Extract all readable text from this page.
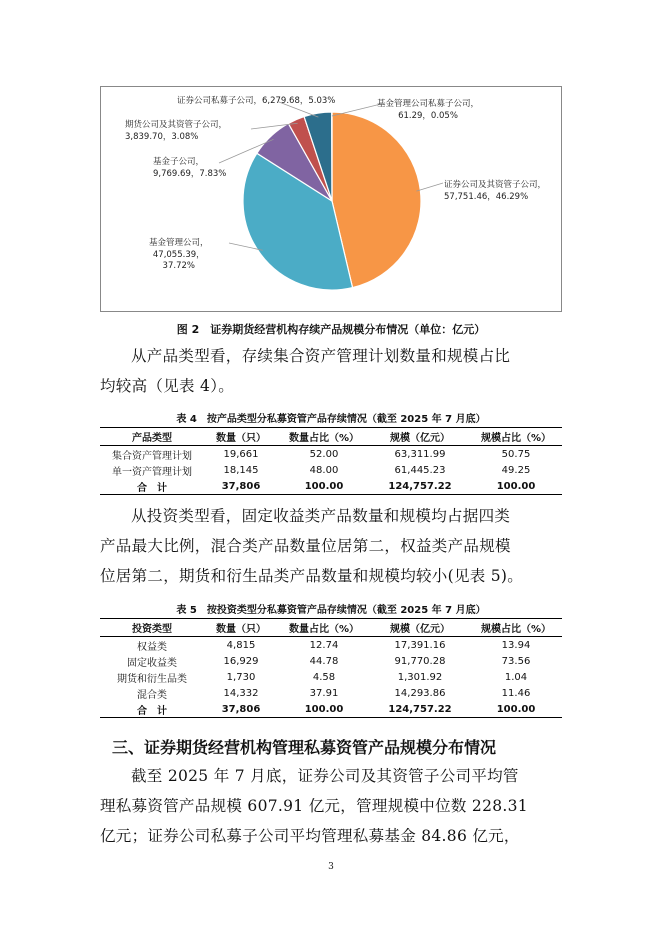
证券公司及其资管子公司，
57,751.46，46.29%
基金管理公司，
47,055.39，
37.72%
基金子公司，
9,769.69，7.83%
期货公司及其资管子公司，
3,839.70，3.08%
证券公司私募子公司，6,279.68，5.03%	基金管理公司私募子公司，
61.29，0.05%
图 2　证券期货经营机构存续产品规模分布情况（单位：亿元）
从产品类型看，存续集合资产管理计划数量和规模占比
均较高（见表 4）。
表 4　按产品类型分私募资管产品存续情况（截至 2025 年 7 月底）
产品类型	数量（只）	数量占比（%）	规模（亿元）	规模占比（%）
集合资产管理计划	19,661	52.00	63,311.99	50.75
单一资产管理计划	18,145	48.00	61,445.23	49.25
合　计	37,806	100.00	124,757.22	100.00
从投资类型看，固定收益类产品数量和规模均占据四类
产品最大比例，混合类产品数量位居第二，权益类产品规模
位居第二，期货和衍生品类产品数量和规模均较小(见表 5)。
表 5　按投资类型分私募资管产品存续情况（截至 2025 年 7 月底）
投资类型	数量（只）	数量占比（%）	规模（亿元）	规模占比（%）
权益类	4,815	12.74	17,391.16	13.94
固定收益类	16,929	44.78	91,770.28	73.56
期货和衍生品类	1,730	4.58	1,301.92	1.04
混合类	14,332	37.91	14,293.86	11.46
合　计	37,806	100.00	124,757.22	100.00
三、证券期货经营机构管理私募资管产品规模分布情况
截至 2025 年 7 月底，证券公司及其资管子公司平均管
理私募资管产品规模 607.91 亿元，管理规模中位数 228.31
亿元；证券公司私募子公司平均管理私募基金 84.86 亿元，
3
